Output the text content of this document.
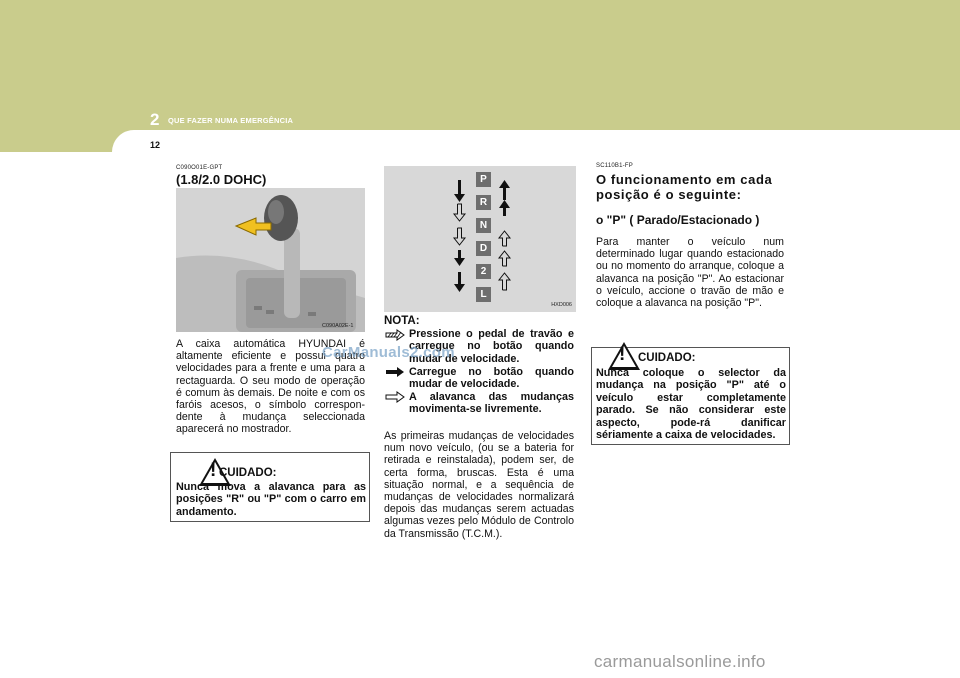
2 QUE FAZER NUMA EMERGÊNCIA
12
C090O01E-GPT
(1.8/2.0 DOHC)
C090A02E-1
A caixa automática HYUNDAI é altamente eficiente e possui quatro velocidades para a frente e uma para a rectaguarda. O seu modo de operação é comum às demais. De noite e com os faróis acesos, o símbolo correspon-dente à mudança seleccionada aparecerá no mostrador.
! CUIDADO:
Nunca mova a alavanca para as posições "R" ou "P" com o carro em andamento.
P
R
N
D
2
L
HXD006
NOTA:
Pressione o pedal de travão e carregue no botão quando mudar de velocidade.
Carregue no botão quando mudar de velocidade.
A alavanca das mudanças movimenta-se livremente.
CarManuals2.com
As primeiras mudanças de velocidades num novo veículo, (ou se a bateria for retirada e reinstalada), podem ser, de certa forma, bruscas. Esta é uma situação normal, e a sequência de mudanças de velocidades normalizará depois das mudanças serem actuadas algumas vezes pelo Módulo de Controlo da Transmissão (T.C.M.).
SC110B1-FP
O funcionamento em cada posição é o seguinte:
o "P" ( Parado/Estacionado )
Para manter o veículo num determinado lugar quando estacionado ou no momento do arranque, coloque a alavanca na posição "P". Ao estacionar o veículo, accione o travão de mão e coloque a alavanca na posição "P".
! CUIDADO:
Nunca coloque o selector da mudança na posição "P" até o veículo estar completamente parado. Se não considerar este aspecto, pode-rá danificar sériamente a caixa de velocidades.
carmanualsonline.info
